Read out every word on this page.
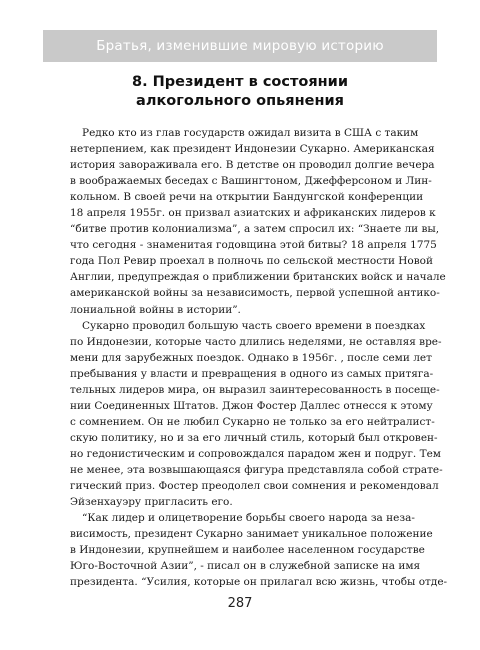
Братья, изменившие мировую историю
8. Президент в состоянии
алкогольного опьянения
Редко кто из глав государств ожидал визита в США с таким
нетерпением, как президент Индонезии Сукарно. Американская
история завораживала его. В детстве он проводил долгие вечера
в воображаемых беседах с Вашингтоном, Джефферсоном и Лин-
кольном. В своей речи на открытии Бандунгской конференции
18 апреля 1955г. он призвал азиатских и африканских лидеров к
“битве против колониализма”, а затем спросил их: “Знаете ли вы,
что сегодня - знаменитая годовщина этой битвы? 18 апреля 1775
года Пол Ревир проехал в полночь по сельской местности Новой
Англии, предупреждая о приближении британских войск и начале
американской войны за независимость, первой успешной антико-
лониальной войны в истории”.
Сукарно проводил большую часть своего времени в поездках
по Индонезии, которые часто длились неделями, не оставляя вре-
мени для зарубежных поездок. Однако в 1956г. , после семи лет
пребывания у власти и превращения в одного из самых притяга-
тельных лидеров мира, он выразил заинтересованность в посеще-
нии Соединенных Штатов. Джон Фостер Даллес отнесся к этому
с сомнением. Он не любил Сукарно не только за его нейтралист-
скую политику, но и за его личный стиль, который был откровен-
но гедонистическим и сопровождался парадом жен и подруг. Тем
не менее, эта возвышающаяся фигура представляла собой страте-
гический приз. Фостер преодолел свои сомнения и рекомендовал
Эйзенхауэру пригласить его.
“Как лидер и олицетворение борьбы своего народа за неза-
висимость, президент Сукарно занимает уникальное положение
в Индонезии, крупнейшем и наиболее населенном государстве
Юго-Восточной Азии”, - писал он в служебной записке на имя
президента. “Усилия, которые он прилагал всю жизнь, чтобы отде-
287
